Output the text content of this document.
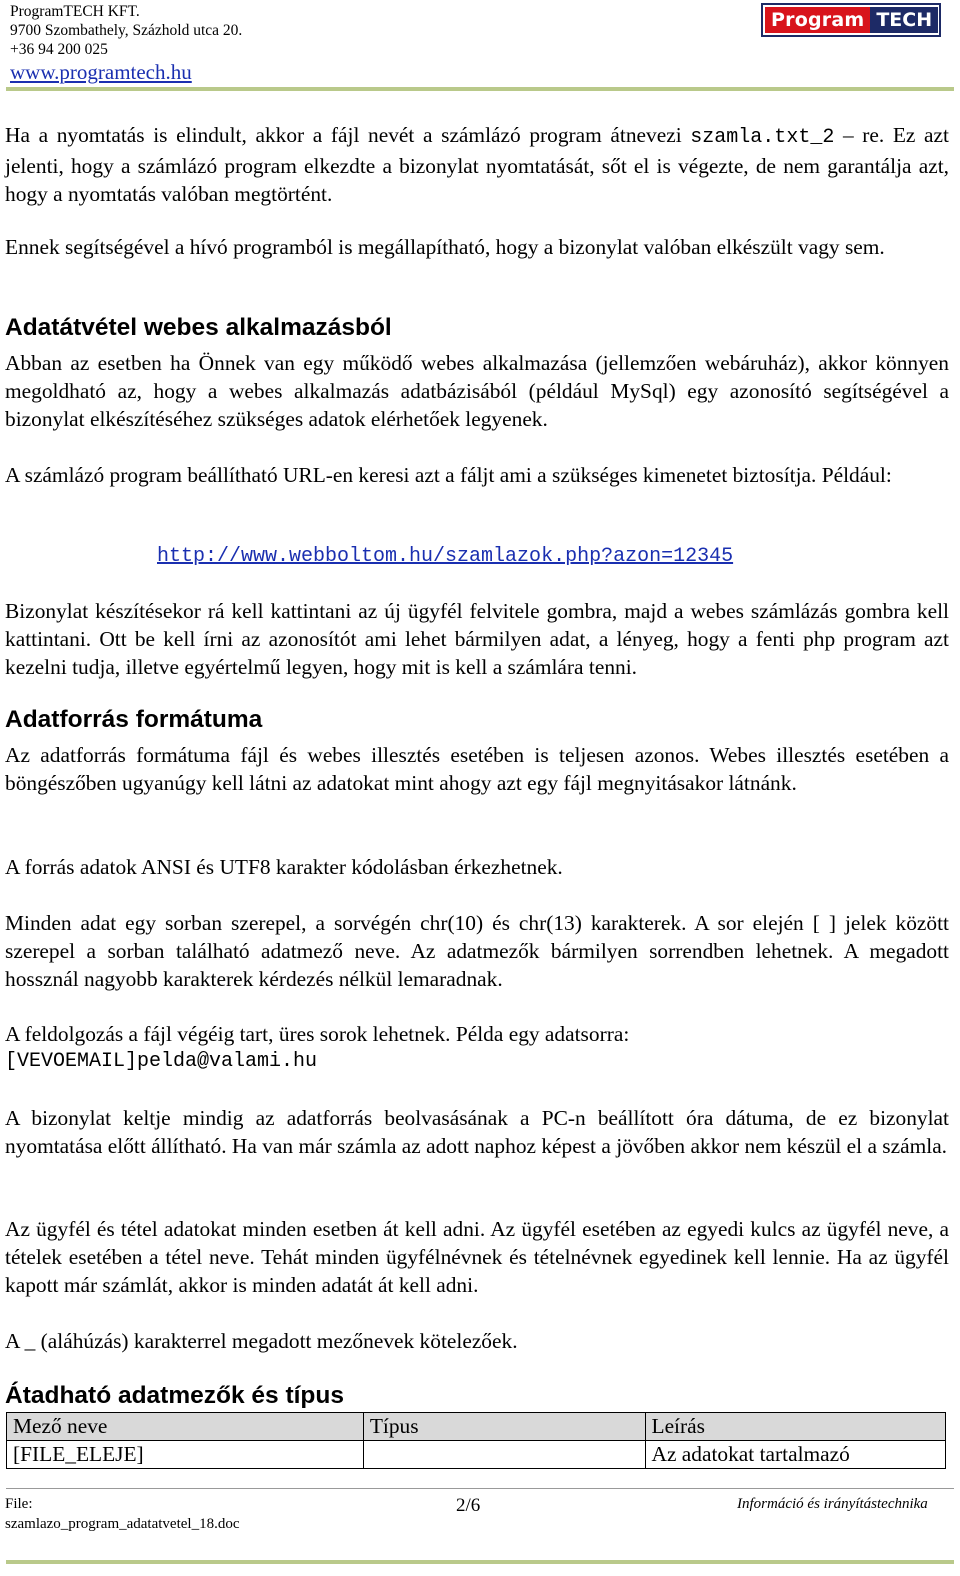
ProgramTECH KFT.
9700 Szombathely, Százhold utca 20.
+36 94 200 025
www.programtech.hu
Program TECH
Ha a nyomtatás is elindult, akkor a fájl nevét a számlázó program átnevezi szamla.txt_2 – re. Ez azt jelenti, hogy a számlázó program elkezdte a bizonylat nyomtatását, sőt el is végezte, de nem garantálja azt, hogy a nyomtatás valóban megtörtént.
Ennek segítségével a hívó programból is megállapítható, hogy a bizonylat valóban elkészült vagy sem.
Adatátvétel webes alkalmazásból
Abban az esetben ha Önnek van egy működő webes alkalmazása (jellemzően webáruház), akkor könnyen megoldható az, hogy a webes alkalmazás adatbázisából (például MySql) egy azonosító segítségével a bizonylat elkészítéséhez szükséges adatok elérhetőek legyenek.
A számlázó program beállítható URL-en keresi azt a fáljt ami a szükséges kimenetet biztosítja. Például:
http://www.webboltom.hu/szamlazok.php?azon=12345
Bizonylat készítésekor rá kell kattintani az új ügyfél felvitele gombra, majd a webes számlázás gombra kell kattintani. Ott be kell írni az azonosítót ami lehet bármilyen adat, a lényeg, hogy a fenti php program azt kezelni tudja, illetve egyértelmű legyen, hogy mit is kell a számlára tenni.
Adatforrás formátuma
Az adatforrás formátuma fájl és webes illesztés esetében is teljesen azonos. Webes illesztés esetében a böngészőben ugyanúgy kell látni az adatokat mint ahogy azt egy fájl megnyitásakor látnánk.
A forrás adatok ANSI és UTF8 karakter kódolásban érkezhetnek.
Minden adat egy sorban szerepel, a sorvégén chr(10) és chr(13) karakterek. A sor elején [ ] jelek között szerepel a sorban található adatmező neve. Az adatmezők bármilyen sorrendben lehetnek. A megadott hossznál nagyobb karakterek kérdezés nélkül lemaradnak.
A feldolgozás a fájl végéig tart, üres sorok lehetnek. Példa egy adatsorra:
[VEVOEMAIL]pelda@valami.hu
A bizonylat keltje mindig az adatforrás beolvasásának a PC-n beállított óra dátuma, de ez bizonylat nyomtatása előtt állítható. Ha van már számla az adott naphoz képest a jövőben akkor nem készül el a számla.
Az ügyfél és tétel adatokat minden esetben át kell adni. Az ügyfél esetében az egyedi kulcs az ügyfél neve, a tételek esetében a tétel neve. Tehát minden ügyfélnévnek és tételnévnek egyedinek kell lennie. Ha az ügyfél kapott már számlát, akkor is minden adatát át kell adni.
A _ (aláhúzás) karakterrel megadott mezőnevek kötelezőek.
Átadható adatmezők és típus
Mező neve	Típus	Leírás
[FILE_ELEJE]		Az adatokat tartalmazó
File:
szamlazo_program_adatatvetel_18.doc
2/6	Információ és irányítástechnika
